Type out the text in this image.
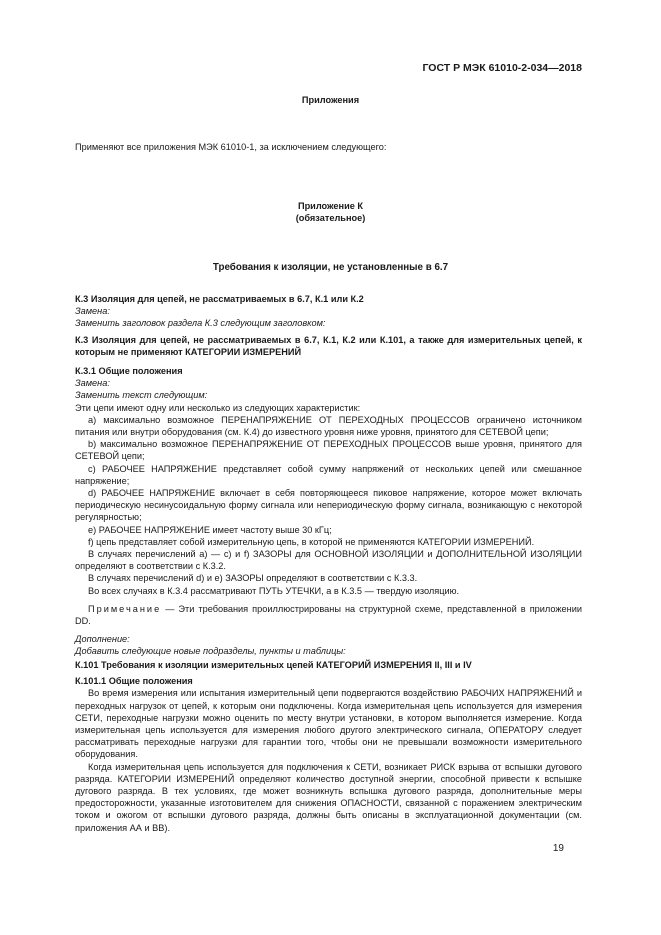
ГОСТ Р МЭК 61010-2-034—2018
Приложения
Применяют все приложения МЭК 61010-1, за исключением следующего:
Приложение К
(обязательное)
Требования к изоляции, не установленные в 6.7

К.3 Изоляция для цепей, не рассматриваемых в 6.7, К.1 или К.2

Замена:

Заменить заголовок раздела К.3 следующим заголовком:

К.3 Изоляция для цепей, не рассматриваемых в 6.7, К.1, К.2 или К.101, а также для измерительных цепей, к которым не применяют КАТЕГОРИИ ИЗМЕРЕНИЙ

К.3.1 Общие положения

Замена:

Заменить текст следующим:

Эти цепи имеют одну или несколько из следующих характеристик:

a) максимально возможное ПЕРЕНАПРЯЖЕНИЕ ОТ ПЕРЕХОДНЫХ ПРОЦЕССОВ ограничено источником питания или внутри оборудования (см. К.4) до известного уровня ниже уровня, принятого для СЕТЕВОЙ цепи;

b) максимально возможное ПЕРЕНАПРЯЖЕНИЕ ОТ ПЕРЕХОДНЫХ ПРОЦЕССОВ выше уровня, принятого для СЕТЕВОЙ цепи;

c) РАБОЧЕЕ НАПРЯЖЕНИЕ представляет собой сумму напряжений от нескольких цепей или смешанное напряжение;

d) РАБОЧЕЕ НАПРЯЖЕНИЕ включает в себя повторяющееся пиковое напряжение, которое может включать периодическую несинусоидальную форму сигнала или непериодическую форму сигнала, возникающую с некоторой регулярностью;

e) РАБОЧЕЕ НАПРЯЖЕНИЕ имеет частоту выше 30 кГц;

f) цепь представляет собой измерительную цепь, в которой не применяются КАТЕГОРИИ ИЗМЕРЕНИЙ.

В случаях перечислений a) — c) и f) ЗАЗОРЫ для ОСНОВНОЙ ИЗОЛЯЦИИ и ДОПОЛНИТЕЛЬНОЙ ИЗОЛЯЦИИ определяют в соответствии с К.3.2.

В случаях перечислений d) и e) ЗАЗОРЫ определяют в соответствии с К.3.3.

Во всех случаях в К.3.4 рассматривают ПУТЬ УТЕЧКИ, а в К.3.5 — твердую изоляцию.

Примечание — Эти требования проиллюстрированы на структурной схеме, представленной в приложении DD.

Дополнение:

Добавить следующие новые подразделы, пункты и таблицы:

К.101 Требования к изоляции измерительных цепей КАТЕГОРИЙ ИЗМЕРЕНИЯ II, III и IV

К.101.1 Общие положения

Во время измерения или испытания измерительный цепи подвергаются воздействию РАБОЧИХ НАПРЯЖЕНИЙ и переходных нагрузок от цепей, к которым они подключены. Когда измерительная цепь используется для измерения СЕТИ, переходные нагрузки можно оценить по месту внутри установки, в котором выполняется измерение. Когда измерительная цепь используется для измерения любого другого электрического сигнала, ОПЕРАТОРУ следует рассматривать переходные нагрузки для гарантии того, чтобы они не превышали возможности измерительного оборудования.

Когда измерительная цепь используется для подключения к СЕТИ, возникает РИСК взрыва от вспышки дугового разряда. КАТЕГОРИИ ИЗМЕРЕНИЙ определяют количество доступной энергии, способной привести к вспышке дугового разряда. В тех условиях, где может возникнуть вспышка дугового разряда, дополнительные меры предосторожности, указанные изготовителем для снижения ОПАСНОСТИ, связанной с поражением электрическим током и ожогом от вспышки дугового разряда, должны быть описаны в эксплуатационной документации (см. приложения АА и ВВ).

19
